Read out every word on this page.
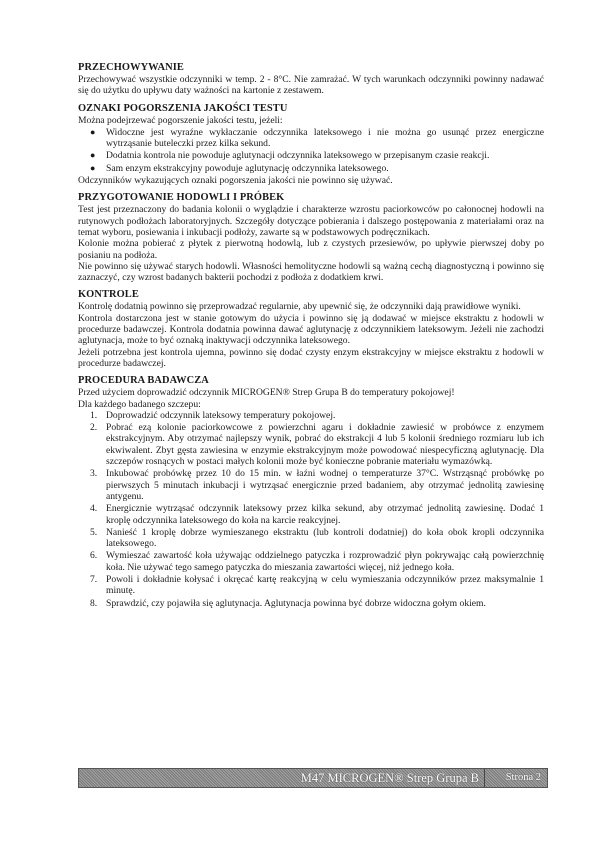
PRZECHOWYWANIE

Przechowywać wszystkie odczynniki w temp. 2 - 8°C. Nie zamrażać. W tych warunkach odczynniki powinny nadawać się do użytku do upływu daty ważności na kartonie z zestawem.

OZNAKI POGORSZENIA JAKOŚCI TESTU

Można podejrzewać pogorszenie jakości testu, jeżeli:

● Widoczne jest wyraźne wykłaczanie odczynnika lateksowego i nie można go usunąć przez energiczne wytrząsanie buteleczki przez kilka sekund.
● Dodatnia kontrola nie powoduje aglutynacji odczynnika lateksowego w przepisanym czasie reakcji.
● Sam enzym ekstrakcyjny powoduje aglutynację odczynnika lateksowego.

Odczynników wykazujących oznaki pogorszenia jakości nie powinno się używać.

PRZYGOTOWANIE HODOWLI I PRÓBEK

Test jest przeznaczony do badania kolonii o wyglądzie i charakterze wzrostu paciorkowców po całonocnej hodowli na rutynowych podłożach laboratoryjnych. Szczegóły dotyczące pobierania i dalszego postępowania z materiałami oraz na temat wyboru, posiewania i inkubacji podłoży, zawarte są w podstawowych podręcznikach.

Kolonie można pobierać z płytek z pierwotną hodowlą, lub z czystych przesiewów, po upływie pierwszej doby po posianiu na podłoża.

Nie powinno się używać starych hodowli. Własności hemolityczne hodowli są ważną cechą diagnostyczną i powinno się zaznaczyć, czy wzrost badanych bakterii pochodzi z podłoża z dodatkiem krwi.

KONTROLE

Kontrolę dodatnią powinno się przeprowadzać regularnie, aby upewnić się, że odczynniki dają prawidłowe wyniki.

Kontrola dostarczona jest w stanie gotowym do użycia i powinno się ją dodawać w miejsce ekstraktu z hodowli w procedurze badawczej. Kontrola dodatnia powinna dawać aglutynację z odczynnikiem lateksowym. Jeżeli nie zachodzi aglutynacja, może to być oznaką inaktywacji odczynnika lateksowego.

Jeżeli potrzebna jest kontrola ujemna, powinno się dodać czysty enzym ekstrakcyjny w miejsce ekstraktu z hodowli w procedurze badawczej.

PROCEDURA BADAWCZA

Przed użyciem doprowadzić odczynnik MICROGEN® Strep Grupa B do temperatury pokojowej!

Dla każdego badanego szczepu:

1. Doprowadzić odczynnik lateksowy temperatury pokojowej.
2. Pobrać ezą kolonie paciorkowcowe z powierzchni agaru i dokładnie zawiesić w probówce z enzymem ekstrakcyjnym. Aby otrzymać najlepszy wynik, pobrać do ekstrakcji 4 lub 5 kolonii średniego rozmiaru lub ich ekwiwalent. Zbyt gęsta zawiesina w enzymie ekstrakcyjnym może powodować niespecyficzną aglutynację. Dla szczepów rosnących w postaci małych kolonii może być konieczne pobranie materiału wymazówką.
3. Inkubować probówkę przez 10 do 15 min. w łaźni wodnej o temperaturze 37°C. Wstrząsnąć probówkę po pierwszych 5 minutach inkubacji i wytrząsać energicznie przed badaniem, aby otrzymać jednolitą zawiesinę antygenu.
4. Energicznie wytrząsać odczynnik lateksowy przez kilka sekund, aby otrzymać jednolitą zawiesinę. Dodać 1 kroplę odczynnika lateksowego do koła na karcie reakcyjnej.
5. Nanieść 1 kroplę dobrze wymieszanego ekstraktu (lub kontroli dodatniej) do koła obok kropli odczynnika lateksowego.
6. Wymieszać zawartość koła używając oddzielnego patyczka i rozprowadzić płyn pokrywając całą powierzchnię koła. Nie używać tego samego patyczka do mieszania zawartości więcej, niż jednego koła.
7. Powoli i dokładnie kołysać i okręcać kartę reakcyjną w celu wymieszania odczynników przez maksymalnie 1 minutę.
8. Sprawdzić, czy pojawiła się aglutynacja. Aglutynacja powinna być dobrze widoczna gołym okiem.
M47 MICROGEN® Strep Grupa B	Strona 2
